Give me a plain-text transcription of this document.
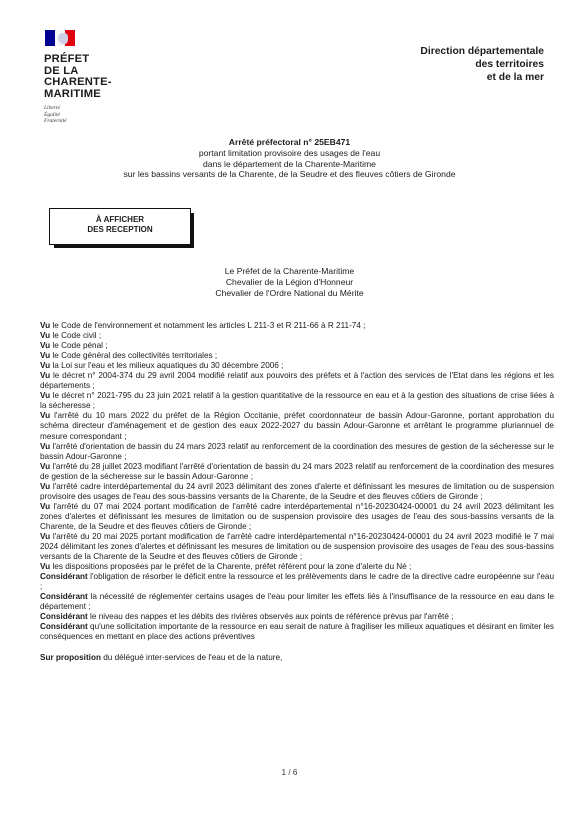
PRÉFET
DE LA
CHARENTE-
MARITIME
Liberté
Égalité
Fraternité
Direction départementale
des territoires
et de la mer
Arrêté préfectoral n° 25EB471
portant limitation provisoire des usages de l'eau
dans le département de la Charente-Maritime
sur les bassins versants de la Charente, de la Seudre et des fleuves côtiers de Gironde
À AFFICHER
DES RECEPTION
Le Préfet de la Charente-Maritime
Chevalier de la Légion d'Honneur
Chevalier de l'Ordre National du Mérite

Vu le Code de l'environnement et notamment les articles L 211-3 et R 211-66 à R 211-74 ;

Vu le Code civil ;

Vu le Code pénal ;

Vu le Code général des collectivités territoriales ;

Vu la Loi sur l'eau et les milieux aquatiques du 30 décembre 2006 ;

Vu le décret n° 2004-374 du 29 avril 2004 modifié relatif aux pouvoirs des préfets et à l'action des services de l'Etat dans les régions et les départements ;

Vu le décret n° 2021-795 du 23 juin 2021 relatif à la gestion quantitative de la ressource en eau et à la gestion des situations de crise liées à la sécheresse ;

Vu l'arrêté du 10 mars 2022 du préfet de la Région Occitanie, préfet coordonnateur de bassin Adour-Garonne, portant approbation du schéma directeur d'aménagement et de gestion des eaux 2022-2027 du bassin Adour-Garonne et arrêtant le programme pluriannuel de mesure correspondant ;

Vu l'arrêté d'orientation de bassin du 24 mars 2023 relatif au renforcement de la coordination des mesures de gestion de la sécheresse sur le bassin Adour-Garonne ;

Vu l'arrêté du 28 juillet 2023 modifiant l'arrêté d'orientation de bassin du 24 mars 2023 relatif au renforcement de la coordination des mesures de gestion de la sécheresse sur le bassin Adour-Garonne ;

Vu l'arrêté cadre interdépartemental du 24 avril 2023 délimitant des zones d'alerte et définissant les mesures de limitation ou de suspension provisoire des usages de l'eau des sous-bassins versants de la Charente, de la Seudre et des fleuves côtiers de Gironde ;

Vu l'arrêté du 07 mai 2024 portant modification de l'arrêté cadre interdépartemental n°16-20230424-00001 du 24 avril 2023 délimitant les zones d'alertes et définissant les mesures de limitation ou de suspension provisoire des usages de l'eau des sous-bassins versants de la Charente, de la Seudre et des fleuves côtiers de Gironde ;

Vu l'arrêté du 20 mai 2025 portant modification de l'arrêté cadre interdépartemental n°16-20230424-00001 du 24 avril 2023 modifié le 7 mai 2024 délimitant les zones d'alertes et définissant les mesures de limitation ou de suspension provisoire des usages de l'eau des sous-bassins versants de la Charente de la Seudre et des fleuves côtiers de Gironde ;

Vu les dispositions proposées par le préfet de la Charente, préfet référent pour la zone d'alerte du Né ;

Considérant l'obligation de résorber le déficit entre la ressource et les prélèvements dans le cadre de la directive cadre européenne sur l'eau ;

Considérant la nécessité de réglementer certains usages de l'eau pour limiter les effets liés à l'insuffisance de la ressource en eau dans le département ;

Considérant le niveau des nappes et les débits des rivières observés aux points de référence prévus par l'arrêté ;

Considérant qu'une sollicitation importante de la ressource en eau serait de nature à fragiliser les milieux aquatiques et désirant en limiter les conséquences en mettant en place des actions préventives

Sur proposition du délégué inter-services de l'eau et de la nature,

1 / 6
